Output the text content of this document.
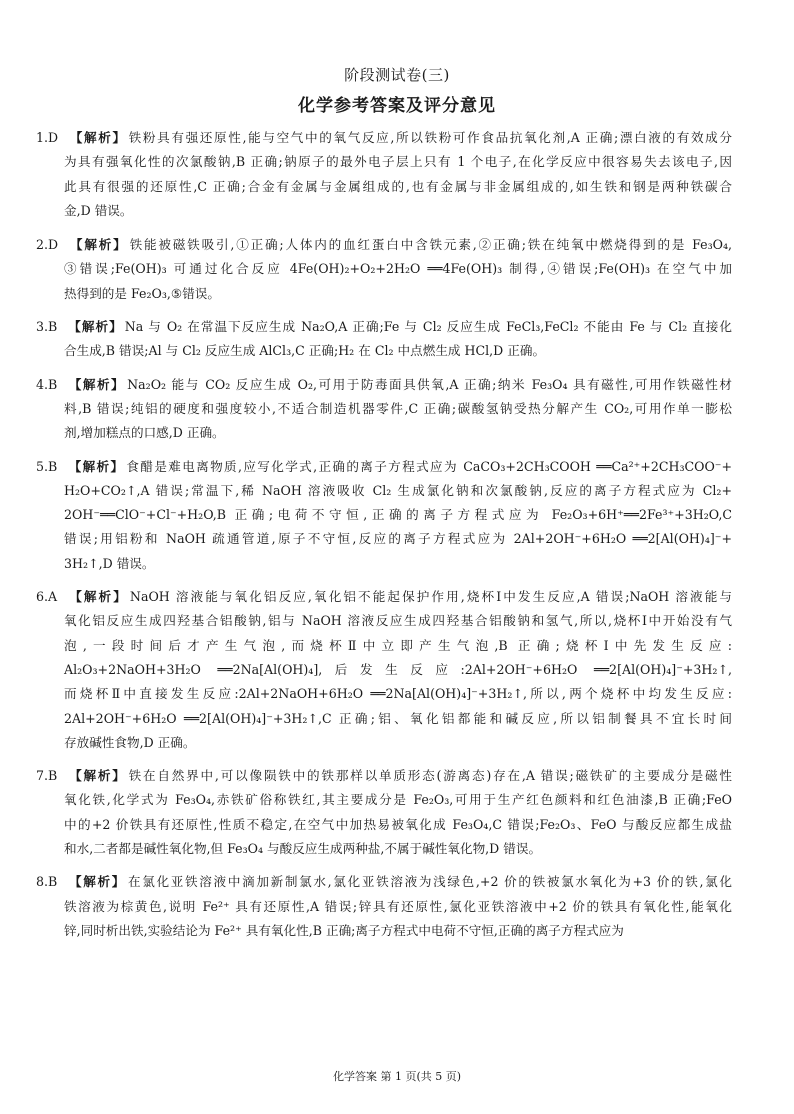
阶段测试卷(三)
化学参考答案及评分意见
1.D 【解析】 铁粉具有强还原性,能与空气中的氧气反应,所以铁粉可作食品抗氧化剂,A 正确;漂白液的有效成分
为具有强氧化性的次氯酸钠,B 正确;钠原子的最外电子层上只有 1 个电子,在化学反应中很容易失去该电子,因
此具有很强的还原性,C 正确;合金有金属与金属组成的,也有金属与非金属组成的,如生铁和钢是两种铁碳合
金,D 错误。
2.D 【解析】 铁能被磁铁吸引,①正确;人体内的血红蛋白中含铁元素,②正确;铁在纯氧中燃烧得到的是 Fe₃O₄,
③错误;Fe(OH)₃ 可通过化合反应 4Fe(OH)₂+O₂+2H₂O ══4Fe(OH)₃ 制得,④错误;Fe(OH)₃ 在空气中加
热得到的是 Fe₂O₃,⑤错误。
3.B 【解析】 Na 与 O₂ 在常温下反应生成 Na₂O,A 正确;Fe 与 Cl₂ 反应生成 FeCl₃,FeCl₂ 不能由 Fe 与 Cl₂ 直接化
合生成,B 错误;Al 与 Cl₂ 反应生成 AlCl₃,C 正确;H₂ 在 Cl₂ 中点燃生成 HCl,D 正确。
4.B 【解析】 Na₂O₂ 能与 CO₂ 反应生成 O₂,可用于防毒面具供氧,A 正确;纳米 Fe₃O₄ 具有磁性,可用作铁磁性材
料,B 错误;纯铝的硬度和强度较小,不适合制造机器零件,C 正确;碳酸氢钠受热分解产生 CO₂,可用作单一膨松
剂,增加糕点的口感,D 正确。
5.B 【解析】 食醋是难电离物质,应写化学式,正确的离子方程式应为 CaCO₃+2CH₃COOH ══Ca²⁺+2CH₃COO⁻+
H₂O+CO₂↑,A 错误;常温下,稀 NaOH 溶液吸收 Cl₂ 生成氯化钠和次氯酸钠,反应的离子方程式应为 Cl₂+
2OH⁻══ClO⁻+Cl⁻+H₂O,B 正确;电荷不守恒,正确的离子方程式应为 Fe₂O₃+6H⁺══2Fe³⁺+3H₂O,C
错误;用铝粉和 NaOH 疏通管道,原子不守恒,反应的离子方程式应为 2Al+2OH⁻+6H₂O ══2[Al(OH)₄]⁻+
3H₂↑,D 错误。
6.A 【解析】 NaOH 溶液能与氧化铝反应,氧化铝不能起保护作用,烧杯Ⅰ中发生反应,A 错误;NaOH 溶液能与
氧化铝反应生成四羟基合铝酸钠,铝与 NaOH 溶液反应生成四羟基合铝酸钠和氢气,所以,烧杯Ⅰ中开始没有气
泡,一段时间后才产生气泡,而烧杯Ⅱ中立即产生气泡,B 正确;烧杯Ⅰ中先发生反应:
Al₂O₃+2NaOH+3H₂O ══2Na[Al(OH)₄],后发生反应:2Al+2OH⁻+6H₂O ══2[Al(OH)₄]⁻+3H₂↑,
而烧杯Ⅱ中直接发生反应:2Al+2NaOH+6H₂O ══2Na[Al(OH)₄]⁻+3H₂↑,所以,两个烧杯中均发生反应:
2Al+2OH⁻+6H₂O ══2[Al(OH)₄]⁻+3H₂↑,C 正确;铝、氧化铝都能和碱反应,所以铝制餐具不宜长时间
存放碱性食物,D 正确。
7.B 【解析】 铁在自然界中,可以像陨铁中的铁那样以单质形态(游离态)存在,A 错误;磁铁矿的主要成分是磁性
氧化铁,化学式为 Fe₃O₄,赤铁矿俗称铁红,其主要成分是 Fe₂O₃,可用于生产红色颜料和红色油漆,B 正确;FeO
中的+2 价铁具有还原性,性质不稳定,在空气中加热易被氧化成 Fe₃O₄,C 错误;Fe₂O₃、FeO 与酸反应都生成盐
和水,二者都是碱性氧化物,但 Fe₃O₄ 与酸反应生成两种盐,不属于碱性氧化物,D 错误。
8.B 【解析】 在氯化亚铁溶液中滴加新制氯水,氯化亚铁溶液为浅绿色,+2 价的铁被氯水氧化为+3 价的铁,氯化
铁溶液为棕黄色,说明 Fe²⁺ 具有还原性,A 错误;锌具有还原性,氯化亚铁溶液中+2 价的铁具有氧化性,能氧化
锌,同时析出铁,实验结论为 Fe²⁺ 具有氧化性,B 正确;离子方程式中电荷不守恒,正确的离子方程式应为
化学答案 第 1 页(共 5 页)
